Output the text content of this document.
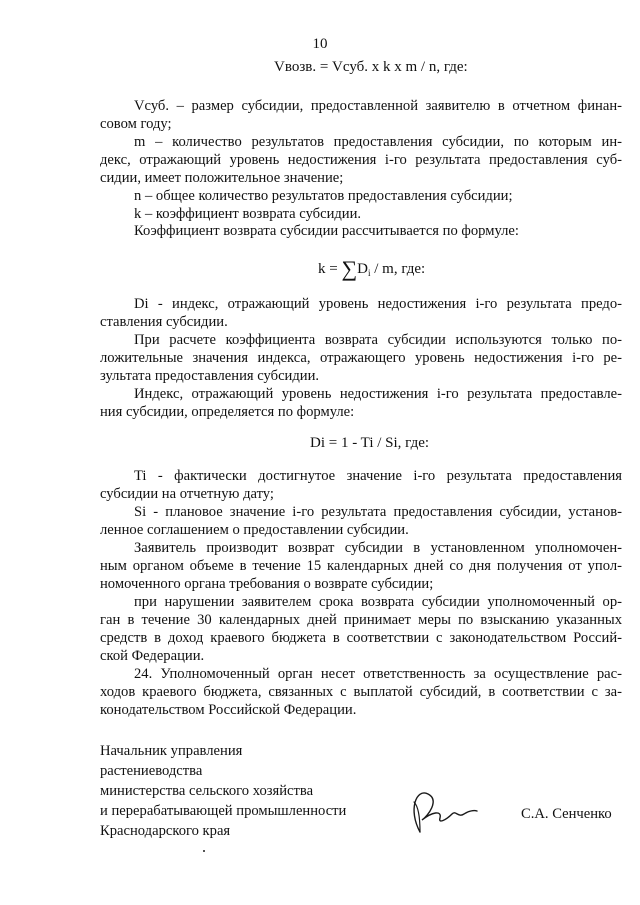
10
Vвозв. = Vсуб. х k х m / n, где:
Vсуб. – размер субсидии, предоставленной заявителю в отчетном финан-
совом году;
m – количество результатов предоставления субсидии, по которым ин-
декс, отражающий уровень недостижения i-го результата предоставления суб-
сидии, имеет положительное значение;
n – общее количество результатов предоставления субсидии;
k – коэффициент возврата субсидии.
Коэффициент возврата субсидии рассчитывается по формуле:
$k = \sum D_i / m$, где:
Di - индекс, отражающий уровень недостижения i-го результата предо-
ставления субсидии.
При расчете коэффициента возврата субсидии используются только по-
ложительные значения индекса, отражающего уровень недостижения i-го ре-
зультата предоставления субсидии.
Индекс, отражающий уровень недостижения i-го результата предоставле-
ния субсидии, определяется по формуле:
Di = 1 - Ti / Si, где:
Ti - фактически достигнутое значение i-го результата предоставления
субсидии на отчетную дату;
Si - плановое значение i-го результата предоставления субсидии, установ-
ленное соглашением о предоставлении субсидии.
Заявитель производит возврат субсидии в установленном уполномочен-
ным органом объеме в течение 15 календарных дней со дня получения от упол-
номоченного органа требования о возврате субсидии;
при нарушении заявителем срока возврата субсидии уполномоченный ор-
ган в течение 30 календарных дней принимает меры по взысканию указанных
средств в доход краевого бюджета в соответствии с законодательством Россий-
ской Федерации.
24. Уполномоченный орган несет ответственность за осуществление рас-
ходов краевого бюджета, связанных с выплатой субсидий, в соответствии с за-
конодательством Российской Федерации.
Начальник управления
растениеводства
министерства сельского хозяйства
и перерабатывающей промышленности
Краснодарского края
С.А. Сенченко
